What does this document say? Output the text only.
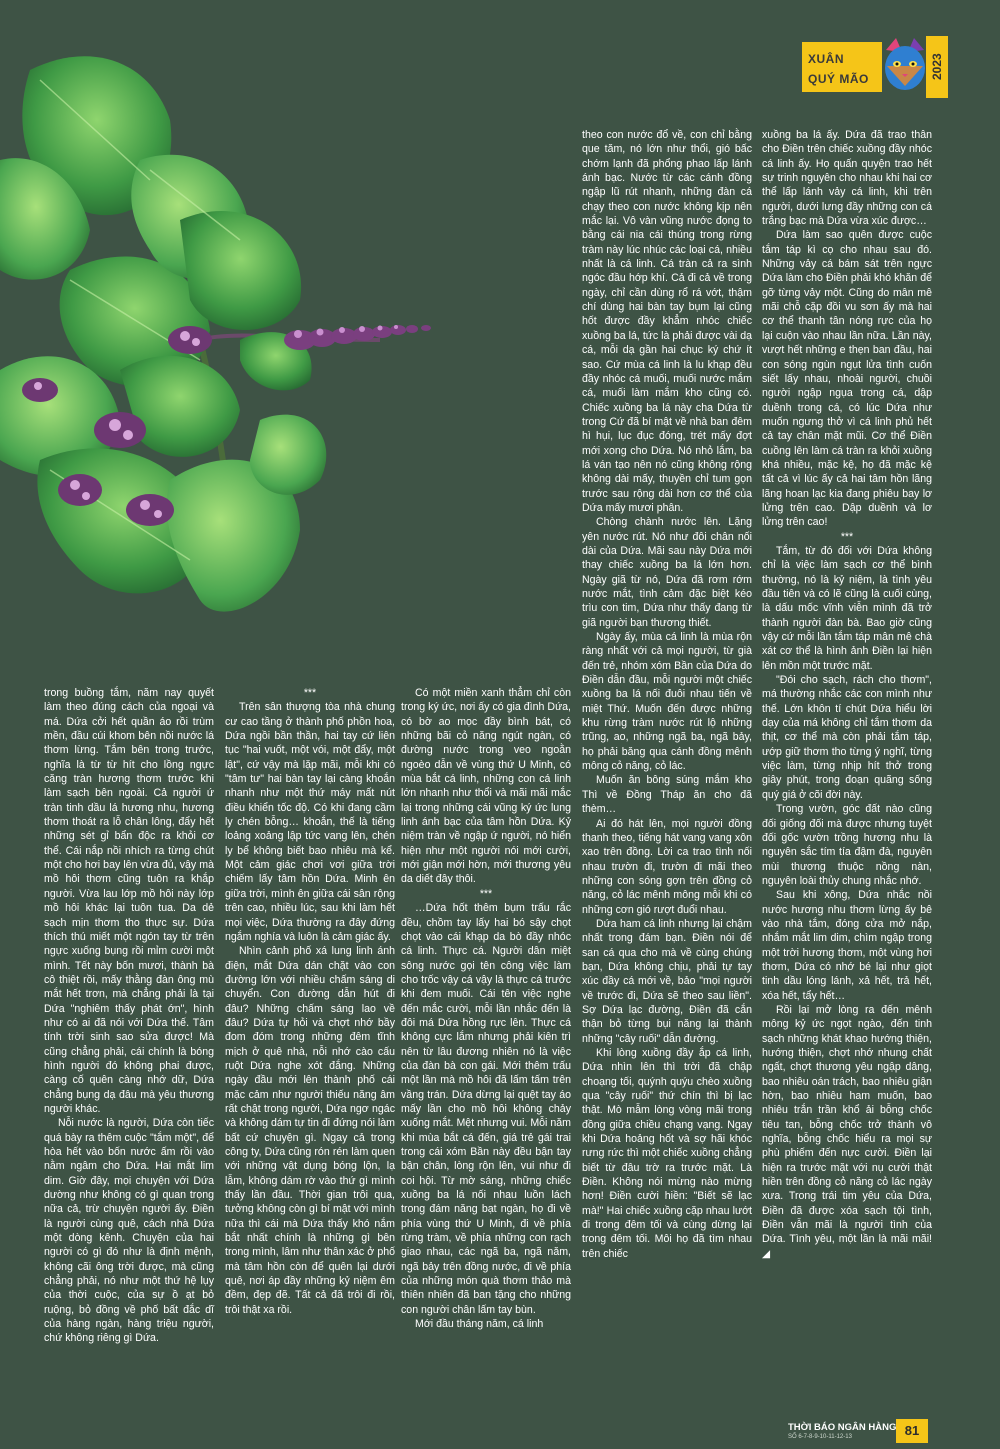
XUÂN
QUÝ MÃO	2023

trong buồng tắm, năm nay quyết làm theo đúng cách của ngoại và má. Dứa cởi hết quần áo rồi trùm mền, đầu cúi khom bên nồi nước lá thơm lừng. Tắm bên trong trước, nghĩa là từ từ hít cho lồng ngực căng tràn hương thơm trước khi làm sạch bên ngoài. Cả người ứ tràn tinh dầu lá hương nhu, hương thơm thoát ra lỗ chân lông, đẩy hết những sét gỉ bẩn độc ra khỏi cơ thể. Cái nắp nồi nhích ra từng chút một cho hơi bay lên vừa đủ, vậy mà mồ hôi thơm cũng tuôn ra khắp người. Vừa lau lớp mồ hôi này lớp mồ hôi khác lại tuôn tua. Da dẻ sạch mịn thơm tho thực sự. Dứa thích thú miết một ngón tay từ trên ngực xuống bụng rồi mỉm cười một mình. Tết này bốn mươi, thành bà cô thiệt rồi, mấy thằng đàn ông mù mắt hết trơn, mà chẳng phải là tại Dứa "nghiêm thấy phát ớn", hình như có ai đã nói với Dứa thế. Tâm tính trời sinh sao sửa được! Mà cũng chẳng phải, cái chính là bóng hình người đó không phai được, càng cố quên càng nhớ dữ, Dứa chẳng bụng dạ đâu mà yêu thương người khác.

Nỗi nước là người, Dứa còn tiếc quá bày ra thêm cuộc "tắm một", để hòa hết vào bốn nước ấm rồi vào nằm ngâm cho Dứa. Hai mắt lim dim. Giờ đây, mọi chuyện với Dứa dường như không có gì quan trọng nữa cả, trừ chuyện người ấy. Điền là người cùng quê, cách nhà Dứa một dòng kênh. Chuyện của hai người có gì đó như là định mệnh, không cãi ông trời được, mà cũng chẳng phải, nó như một thứ hệ lụy của thời cuộc, của sự ồ ạt bỏ ruộng, bỏ đồng về phố bất đắc dĩ của hàng ngàn, hàng triệu người, chứ không riêng gì Dứa.

***

Trên sân thượng tòa nhà chung cư cao tầng ở thành phố phồn hoa, Dứa ngồi bần thần, hai tay cứ liên tục "hai vuốt, một vói, một đẩy, một lật", cứ vậy mà lặp mãi, mỗi khi có "tâm tư" hai bàn tay lại càng khoắn nhanh như một thứ máy mất nút điều khiển tốc độ. Có khi đang cầm ly chén bỗng… khoắn, thế là tiếng loảng xoảng lập tức vang lên, chén ly bể không biết bao nhiêu mà kể. Một cảm giác chơi vơi giữa trời chiếm lấy tâm hồn Dứa. Minh ên giữa trời, mình ên giữa cái sân rộng trên cao, nhiều lúc, sau khi làm hết mọi việc, Dứa thường ra đây đứng ngắm nghía và luôn là cảm giác ấy.

Nhìn cảnh phố xá lung linh ánh điện, mắt Dứa dán chặt vào con đường lớn với nhiều chấm sáng di chuyển. Con đường dẫn hút đi đâu? Những chấm sáng lao về đâu? Dứa tự hỏi và chợt nhớ bầy đom đóm trong những đêm tĩnh mịch ở quê nhà, nỗi nhớ cào cấu ruột Dứa nghe xót đắng. Những ngày đầu mới lên thành phố cái mặc cảm như người thiếu năng âm rất chật trong người, Dứa ngơ ngác và không dám tự tin đi đứng nói làm bất cứ chuyện gì. Ngay cả trong công ty, Dứa cũng rón rén làm quen với những vật dụng bóng lộn, lạ lẫm, không dám rờ vào thứ gì mình thấy lần đầu. Thời gian trôi qua, tưởng không còn gì bí mật với mình nữa thì cái mà Dứa thấy khó nắm bắt nhất chính là những gì bên trong mình, lâm như thân xác ở phố mà tâm hồn còn để quên lại dưới quê, nơi áp đầy những kỷ niệm êm đềm, đẹp đẽ. Tất cả đã trôi đi rồi, trôi thật xa rồi.

Có một miền xanh thẳm chỉ còn trong ký ức, nơi ấy có gia đình Dứa, có bờ ao mọc đầy bình bát, có những bãi cỏ năng ngút ngàn, có đường nước trong veo ngoằn ngoèo dẫn về vùng thứ U Minh, có mùa bắt cá linh, những con cá linh lớn nhanh như thổi và mãi mãi mắc lại trong những cái vũng ký ức lung linh ánh bạc của tâm hồn Dứa. Kỷ niệm tràn về ngập ứ người, nó hiển hiện như một người nói mới cười, mới giận mới hờn, mới thương yêu da diết đây thôi.

***

…Dứa hốt thêm bụm trấu rắc đều, chồm tay lấy hai bó sậy chọt chọt vào cái khạp da bò đầy nhóc cá linh. Thực cá. Người dân miệt sông nước gọi tên công việc làm cho trốc vậy cá vậy là thực cá trước khi đem muối. Cái tên việc nghe đến mắc cười, mỗi lần nhắc đến là đôi má Dứa hồng rực lên. Thực cá không cực lắm nhưng phải kiên trì nên từ lâu đương nhiên nó là việc của đàn bà con gái. Mới thêm trấu một lần mà mồ hôi đã lấm tấm trên vầng trán. Dứa dừng lại quệt tay áo mấy lần cho mồ hôi không chảy xuống mắt. Mệt nhưng vui. Mỗi năm khi mùa bắt cá đến, giá trẻ gái trai trong cái xóm Bần này đều bận tay bận chân, lòng rộn lên, vui như đi coi hội. Từ mờ sáng, những chiếc xuồng ba lá nối nhau luồn lách trong đám năng bạt ngàn, họ đi về phía vùng thứ U Minh, đi về phía rừng tràm, về phía những con rạch giao nhau, các ngã ba, ngã năm, ngã bảy trên đồng nước, đi về phía của những món quà thơm thảo mà thiên nhiên đã ban tặng cho những con người chân lấm tay bùn.

Mới đầu tháng năm, cá linh

theo con nước đổ về, con chỉ bằng que tăm, nó lớn như thổi, gió bấc chớm lạnh đã phổng phao lấp lánh ánh bạc. Nước từ các cánh đồng ngập lũ rút nhanh, những đàn cá chạy theo con nước không kịp nên mắc lại. Vô vàn vũng nước đọng to bằng cái nia cái thúng trong rừng tràm này lúc nhúc các loại cá, nhiều nhất là cá linh. Cá tràn cả ra sình ngóc đầu hớp khí. Cả đi cả về trong ngày, chỉ cần dùng rổ rá vớt, thậm chí dùng hai bàn tay bụm lại cũng hốt được đầy khẳm nhóc chiếc xuồng ba lá, tức là phải được vài dạ cá, mỗi dạ gần hai chục ký chứ ít sao. Cứ mùa cá linh là lu khạp đều đầy nhóc cá muối, muối nước mắm cá, muối làm mắm kho cũng có. Chiếc xuồng ba lá này cha Dứa từ trong Cứ đã bí mật về nhà ban đêm hì hụi, lục đục đóng, trét mấy đợt mới xong cho Dứa. Nó nhỏ lắm, ba lá ván tạo nên nó cũng không rộng không dài mấy, thuyền chỉ tum gọn trước sau rộng dài hơn cơ thể của Dứa mấy mươi phân.

Chòng chành nước lên. Lặng yên nước rút. Nó như đôi chân nối dài của Dứa. Mãi sau này Dứa mới thay chiếc xuồng ba lá lớn hơn. Ngày giã từ nó, Dứa đã rơm rớm nước mắt, tình cảm đặc biệt kéo trìu con tim, Dứa như thấy đang từ giã người bạn thương thiết.

Ngày ấy, mùa cá linh là mùa rộn ràng nhất với cả mọi người, từ già đến trẻ, nhóm xóm Bần của Dứa do Điền dẫn đầu, mỗi người một chiếc xuồng ba lá nối đuôi nhau tiến về miệt Thứ. Muốn đến được những khu rừng tràm nước rút lộ những trũng, ao, những ngã ba, ngã bảy, họ phải băng qua cánh đồng mênh mông cỏ năng, cỏ lác.

Muốn ăn bông súng mắm kho Thì về Đồng Tháp ăn cho đã thèm…

Ai đó hát lên, mọi người đồng thanh theo, tiếng hát vang vang xôn xao trên đồng. Lời ca trao tình nối nhau trườn đi, trườn đi mãi theo những con sóng gợn trên đồng cỏ năng, cỏ lác mênh mông mỗi khi có những cơn gió rượt đuổi nhau.

Dứa ham cá linh nhưng lại chậm nhất trong đám bạn. Điền nói để san cá qua cho mà về cùng chúng bạn, Dứa không chịu, phải tự tay xúc đầy cá mới về, bảo "mọi người về trước đi, Dứa sẽ theo sau liền". Sợ Dứa lạc đường, Điền đã cắn thận bỏ từng bụi năng lại thành những "cây ruối" dẫn đường.

Khi lòng xuồng đầy ắp cá linh, Dứa nhìn lên thì trời đã chập choạng tối, quýnh quýu chèo xuồng qua "cây ruối" thứ chín thì bị lạc thật. Mò mẫm lòng vòng mãi trong đồng giữa chiều chạng vạng. Ngay khi Dứa hoảng hốt và sợ hãi khóc rưng rức thì một chiếc xuồng chẳng biết từ đâu trờ ra trước mặt. Là Điền. Không nói mừng nào mừng hơn! Điền cười hiền: "Biết sẽ lạc mà!" Hai chiếc xuồng cặp nhau lướt đi trong đêm tối và cùng dừng lại trong đêm tối. Môi họ đã tìm nhau trên chiếc

xuồng ba lá ấy. Dứa đã trao thân cho Điền trên chiếc xuồng đầy nhóc cá linh ấy. Họ quấn quyện trao hết sự trinh nguyên cho nhau khi hai cơ thể lấp lánh vảy cá linh, khi trên người, dưới lưng đầy những con cá trắng bạc mà Dứa vừa xúc được…

Dứa làm sao quên được cuộc tắm táp kì cọ cho nhau sau đó. Những vảy cá bám sát trên ngực Dứa làm cho Điền phải khó khăn để gỡ từng vảy một. Cũng do mân mê mãi chỗ cặp đồi vu sơn ấy mà hai cơ thể thanh tân nóng rực của họ lại cuộn vào nhau lần nữa. Lần này, vượt hết những e thẹn ban đầu, hai con sóng ngùn ngụt lửa tình cuốn siết lấy nhau, nhoài người, chuồi người ngập ngụa trong cá, dập duềnh trong cá, có lúc Dứa như muốn ngưng thở vì cá linh phủ hết cả tay chân mặt mũi. Cơ thể Điền cuồng lên làm cá tràn ra khỏi xuồng khá nhiều, mặc kệ, họ đã mặc kệ tất cả vì lúc ấy cả hai tâm hồn lãng lãng hoan lạc kia đang phiêu bay lơ lửng trên cao. Dập duềnh và lơ lửng trên cao!

***

Tắm, từ đó đối với Dứa không chỉ là việc làm sạch cơ thể bình thường, nó là kỷ niệm, là tình yêu đầu tiên và có lẽ cũng là cuối cùng, là dấu mốc vĩnh viễn mình đã trở thành người đàn bà. Bao giờ cũng vậy cứ mỗi lần tắm táp mân mê chà xát cơ thể là hình ảnh Điền lại hiện lên mồn một trước mặt.

"Đói cho sạch, rách cho thơm", má thường nhắc các con mình như thế. Lớn khôn tí chút Dứa hiểu lời dạy của má không chỉ tắm thơm da thịt, cơ thể mà còn phải tắm táp, ướp giữ thơm tho từng ý nghĩ, từng việc làm, từng nhịp hít thở trong giây phút, trong đoạn quãng sống quý giá ở cõi đời này.

Trong vườn, góc đất nào cũng đối giống đối mà được nhưng tuyệt đối gốc vườn trồng hương nhu là nguyên sắc tím tía đậm đà, nguyên mùi thương thuộc nồng nàn, nguyên loài thủy chung nhắc nhớ.

Sau khi xông, Dứa nhắc nồi nước hương nhu thơm lừng ấy bê vào nhà tắm, đóng cửa mở nắp, nhắm mắt lim dim, chìm ngập trong một trời hương thơm, một vùng hơi thơm, Dứa có nhớ bé lại như giọt tinh dầu lóng lánh, xả hết, trả hết, xóa hết, tẩy hết…

Rồi lại mở lòng ra đến mênh mông kỷ ức ngọt ngào, đến tinh sạch những khát khao hướng thiện, hướng thiện, chợt nhớ nhung chất ngất, chợt thương yêu ngập dâng, bao nhiêu oán trách, bao nhiêu giận hờn, bao nhiêu ham muốn, bao nhiêu trắn trần khổ ải bỗng chốc tiêu tan, bỗng chốc trở thành vô nghĩa, bỗng chốc hiểu ra mọi sự phù phiếm đến nực cười. Điền lại hiện ra trước mặt với nụ cười thật hiền trên đồng cỏ năng cỏ lác ngày xưa. Trong trái tim yêu của Dứa, Điền đã được xóa sạch tội tình, Điền vẫn mãi là người tình của Dứa. Tình yêu, một lần là mãi mãi! ◢

THỜI BÁO NGÂN HÀNG
SỐ 6-7-8-9-10-11-12-13	81
